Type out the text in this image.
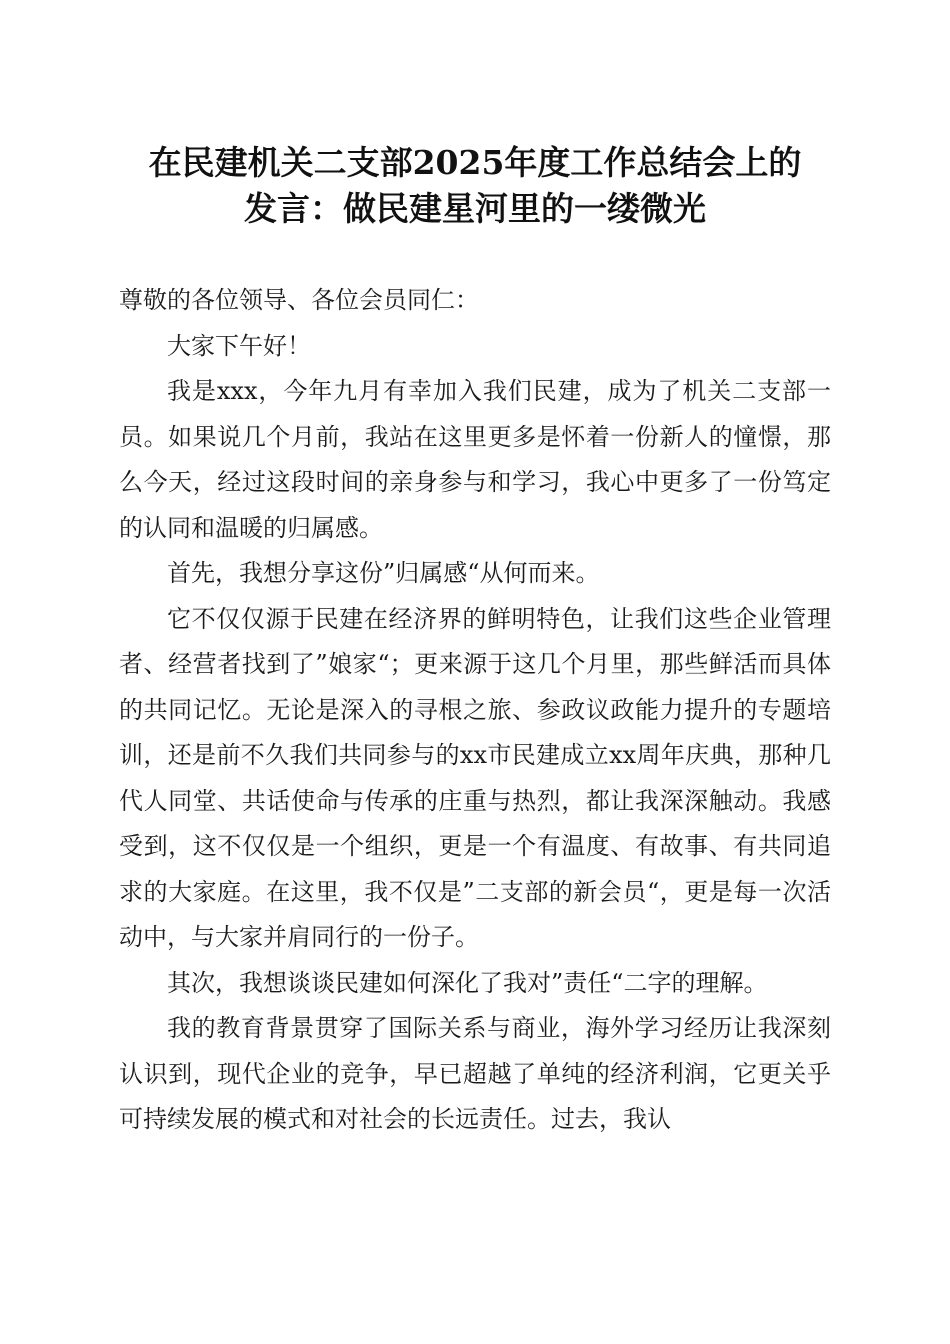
在民建机关二支部2025年度工作总结会上的
发言：做民建星河里的一缕微光

尊敬的各位领导、各位会员同仁：

大家下午好！

我是xxx，今年九月有幸加入我们民建，成为了机关二支部一员。如果说几个月前，我站在这里更多是怀着一份新人的憧憬，那么今天，经过这段时间的亲身参与和学习，我心中更多了一份笃定的认同和温暖的归属感。

首先，我想分享这份”归属感“从何而来。

它不仅仅源于民建在经济界的鲜明特色，让我们这些企业管理者、经营者找到了”娘家“；更来源于这几个月里，那些鲜活而具体的共同记忆。无论是深入的寻根之旅、参政议政能力提升的专题培训，还是前不久我们共同参与的xx市民建成立xx周年庆典，那种几代人同堂、共话使命与传承的庄重与热烈，都让我深深触动。我感受到，这不仅仅是一个组织，更是一个有温度、有故事、有共同追求的大家庭。在这里，我不仅是”二支部的新会员“，更是每一次活动中，与大家并肩同行的一份子。

其次，我想谈谈民建如何深化了我对”责任“二字的理解。

我的教育背景贯穿了国际关系与商业，海外学习经历让我深刻认识到，现代企业的竞争，早已超越了单纯的经济利润，它更关乎可持续发展的模式和对社会的长远责任。过去，我认
